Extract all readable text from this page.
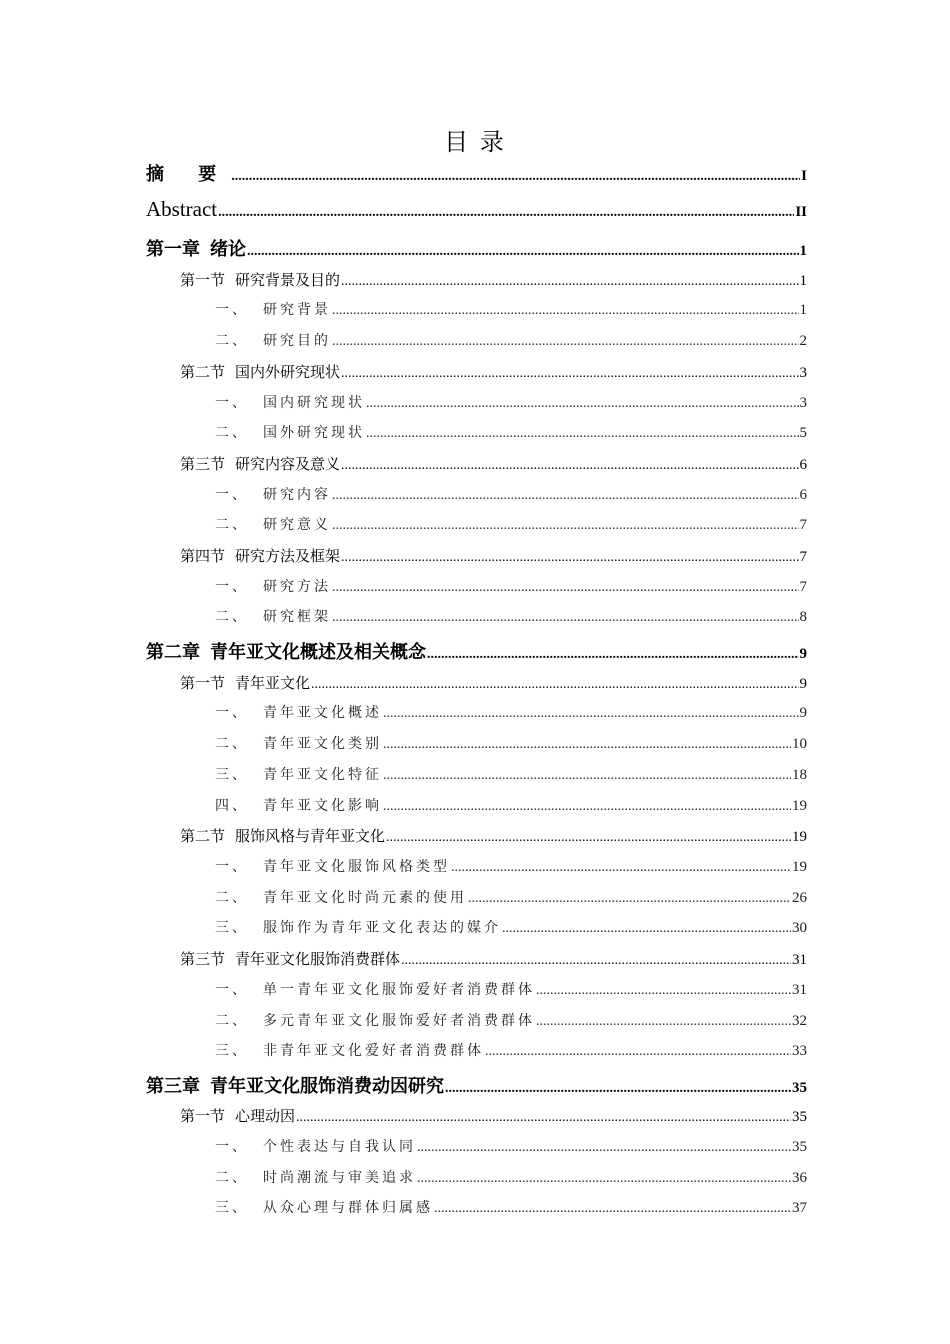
目 录
摘 要 .....	I
Abstract .....	II
第一章 绪论 .....	1
第一节 研究背景及目的 .....	1
一、 研究背景 .....	1
二、 研究目的 .....	2
第二节 国内外研究现状 .....	3
一、 国内研究现状 .....	3
二、 国外研究现状 .....	5
第三节 研究内容及意义 .....	6
一、 研究内容 .....	6
二、 研究意义 .....	7
第四节 研究方法及框架 .....	7
一、 研究方法 .....	7
二、 研究框架 .....	8
第二章 青年亚文化概述及相关概念 .....	9
第一节 青年亚文化 .....	9
一、 青年亚文化概述 .....	9
二、 青年亚文化类别 .....	10
三、 青年亚文化特征 .....	18
四、 青年亚文化影响 .....	19
第二节 服饰风格与青年亚文化 .....	19
一、 青年亚文化服饰风格类型 .....	19
二、 青年亚文化时尚元素的使用 .....	26
三、 服饰作为青年亚文化表达的媒介 .....	30
第三节 青年亚文化服饰消费群体 .....	31
一、 单一青年亚文化服饰爱好者消费群体 .....	31
二、 多元青年亚文化服饰爱好者消费群体 .....	32
三、 非青年亚文化爱好者消费群体 .....	33
第三章 青年亚文化服饰消费动因研究 .....	35
第一节 心理动因 .....	35
一、 个性表达与自我认同 .....	35
二、 时尚潮流与审美追求 .....	36
三、 从众心理与群体归属感 .....	37
